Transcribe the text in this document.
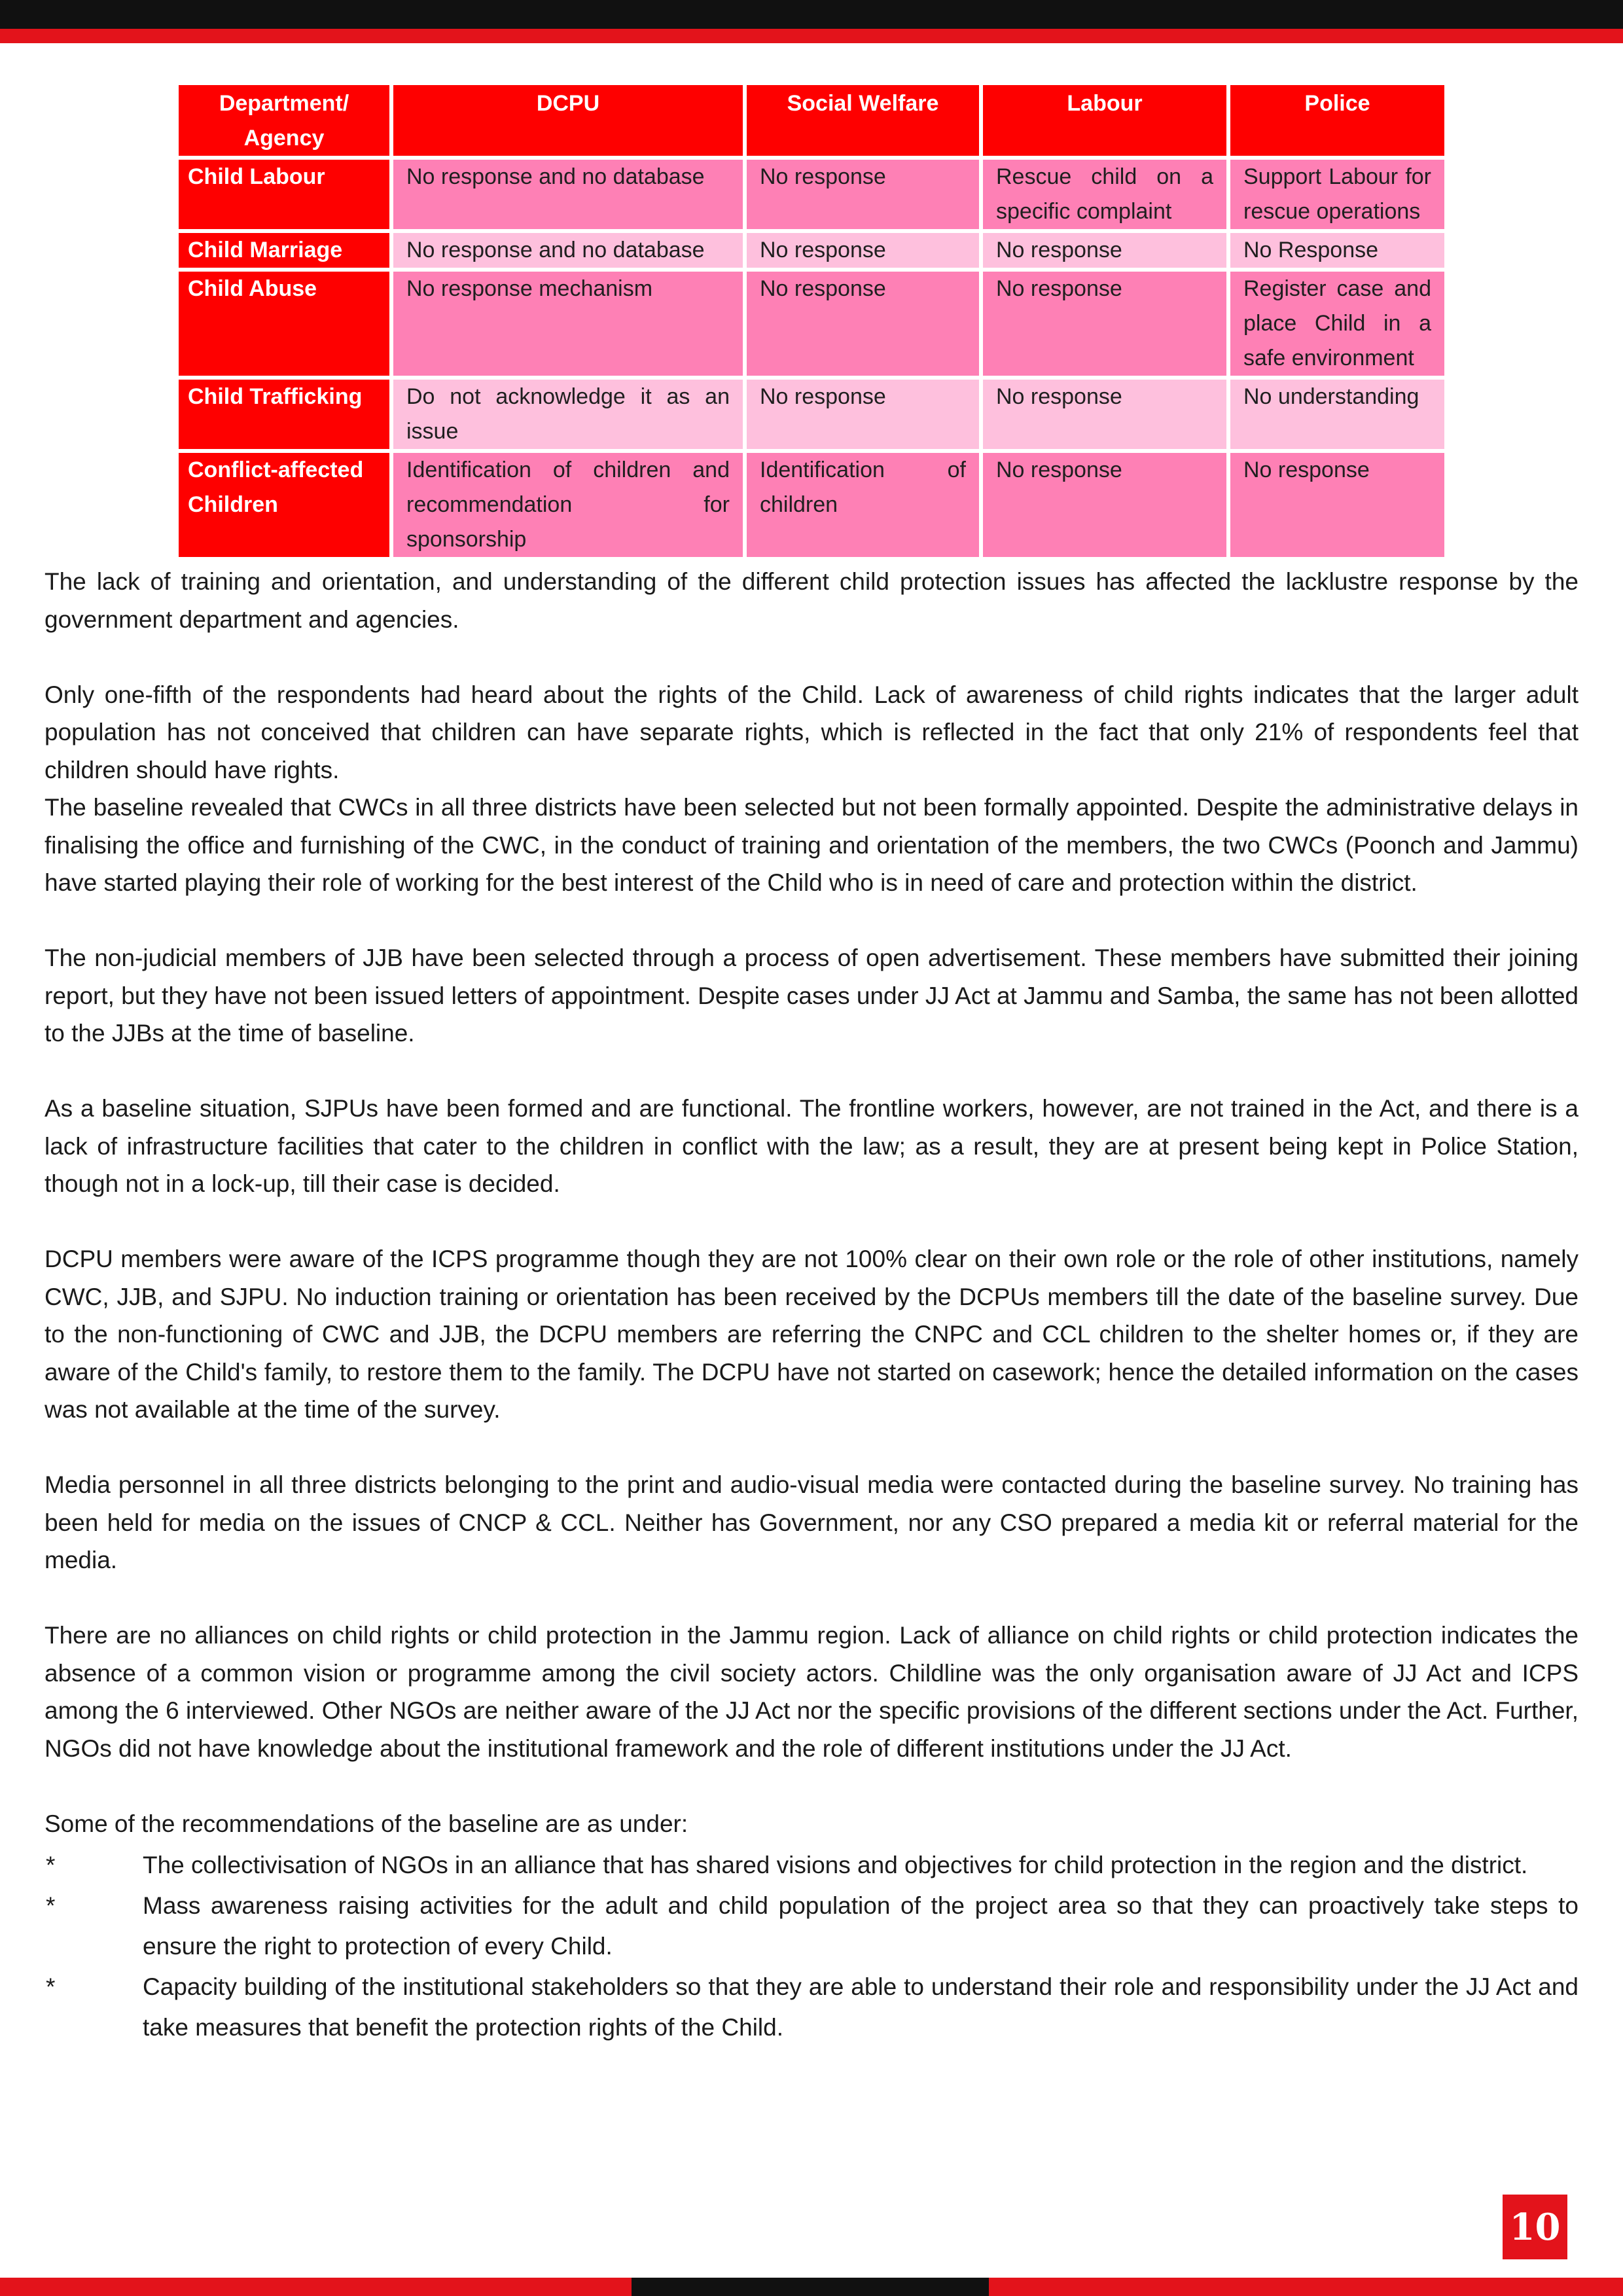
Department/ Agency	DCPU	Social Welfare	Labour	Police
Child Labour	No response and no database	No response	Rescue child on a specific complaint	Support Labour for rescue operations
Child Marriage	No response and no database	No response	No response	No Response
Child Abuse	No response mechanism	No response	No response	Register case and place Child in a safe environment
Child Trafficking	Do not acknowledge it as an issue	No response	No response	No understanding
Conflict-affected Children	Identification of children and recommendation for sponsorship	Identification of children	No response	No response

The lack of training and orientation, and understanding of the different child protection issues has affected the lacklustre response by the government department and agencies.

Only one-fifth of the respondents had heard about the rights of the Child. Lack of awareness of child rights indicates that the larger adult population has not conceived that children can have separate rights, which is reflected in the fact that only 21% of respondents feel that children should have rights.

The baseline revealed that CWCs in all three districts have been selected but not been formally appointed. Despite the administrative delays in finalising the office and furnishing of the CWC, in the conduct of training and orientation of the members, the two CWCs (Poonch and Jammu) have started playing their role of working for the best interest of the Child who is in need of care and protection within the district.

The non-judicial members of JJB have been selected through a process of open advertisement. These members have submitted their joining report, but they have not been issued letters of appointment. Despite cases under JJ Act at Jammu and Samba, the same has not been allotted to the JJBs at the time of baseline.

As a baseline situation, SJPUs have been formed and are functional. The frontline workers, however, are not trained in the Act, and there is a lack of infrastructure facilities that cater to the children in conflict with the law; as a result, they are at present being kept in Police Station, though not in a lock-up, till their case is decided.

DCPU members were aware of the ICPS programme though they are not 100% clear on their own role or the role of other institutions, namely CWC, JJB, and SJPU. No induction training or orientation has been received by the DCPUs members till the date of the baseline survey. Due to the non-functioning of CWC and JJB, the DCPU members are referring the CNPC and CCL children to the shelter homes or, if they are aware of the Child's family, to restore them to the family. The DCPU have not started on casework; hence the detailed information on the cases was not available at the time of the survey.

Media personnel in all three districts belonging to the print and audio-visual media were contacted during the baseline survey. No training has been held for media on the issues of CNCP & CCL. Neither has Government, nor any CSO prepared a media kit or referral material for the media.

There are no alliances on child rights or child protection in the Jammu region. Lack of alliance on child rights or child protection indicates the absence of a common vision or programme among the civil society actors. Childline was the only organisation aware of JJ Act and ICPS among the 6 interviewed. Other NGOs are neither aware of the JJ Act nor the specific provisions of the different sections under the Act. Further, NGOs did not have knowledge about the institutional framework and the role of different institutions under the JJ Act.

Some of the recommendations of the baseline are as under:

*	The collectivisation of NGOs in an alliance that has shared visions and objectives for child protection in the region and the district.
*	Mass awareness raising activities for the adult and child population of the project area so that they can proactively take steps to ensure the right to protection of every Child.
*	Capacity building of the institutional stakeholders so that they are able to understand their role and responsibility under the JJ Act and take measures that benefit the protection rights of the Child.
10
